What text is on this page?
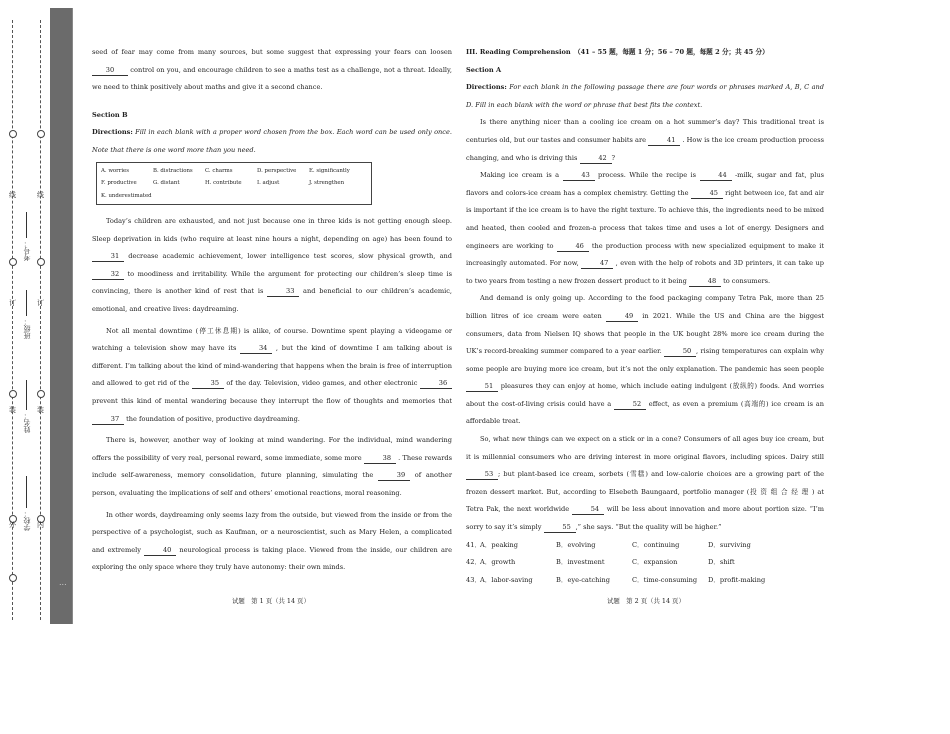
线
订
装
外
线
订
装
内
考号：
班级：
姓名：
学校：
...

seed of fear may come from many sources, but some suggest that expressing your fears can loosen 30 control on you, and encourage children to see a maths test as a challenge, not a threat. Ideally, we need to think positively about maths and give it a second chance.

Section B

Directions: Fill in each blank with a proper word chosen from the box. Each word can be used only once. Note that there is one word more than you need.

A. worries	B. distractions C. charms	D. perspective E. significantly
F. productive	G. distant	H. contribute	I. adjust	J. strengthen
K. underestimated

Today’s children are exhausted, and not just because one in three kids is not getting enough sleep. Sleep deprivation in kids (who require at least nine hours a night, depending on age) has been found to 31 decrease academic achievement, lower intelligence test scores, slow physical growth, and 32 to moodiness and irritability. While the argument for protecting our children’s sleep time is convincing, there is another kind of rest that is	33 and beneficial to our children’s academic, emotional, and creative lives: daydreaming.

Not all mental downtime (停工休息期) is alike, of course. Downtime spent playing a videogame or watching a television show may have its	34 , but the kind of downtime I am talking about is different. I’m talking about the kind of mind-wandering that happens when the brain is free of interruption and allowed to get rid of the	35 of the day. Television, video games, and other electronic	36 prevent this kind of mental wandering because they interrupt the flow of thoughts and memories that 37 the foundation of positive, productive daydreaming.

There is, however, another way of looking at mind wandering. For the individual, mind wandering offers the possibility of very real, personal reward, some immediate, some more	38 . These rewards include self-awareness, memory consolidation, future planning, simulating the	39 of another person, evaluating the implications of self and others’ emotional reactions, moral reasoning.

In other words, daydreaming only seems lazy from the outside, but viewed from the inside or from the perspective of a psychologist, such as Kaufman, or a neuroscientist, such as Mary Helen, a complicated and extremely	40 neurological process is taking place. Viewed from the inside, our children are exploring the only space where they truly have autonomy: their own minds.

III. Reading Comprehension　 （41 – 55 题，每题 1 分；56 – 70 题，每题 2 分；共 45 分）

Section A

Directions: For each blank in the following passage there are four words or phrases marked A, B, C and D. Fill in each blank with the word or phrase that best fits the context.

Is there anything nicer than a cooling ice cream on a hot summer’s day? This traditional treat is centuries old, but our tastes and consumer habits are	41 . How is the ice cream production process changing, and who is driving this	42 ?

Making ice cream is a	43 process. While the recipe is	44 -milk, sugar and fat, plus flavors and colors-ice cream has a complex chemistry. Getting the	45 right between ice, fat and air is important if the ice cream is to have the right texture. To achieve this, the ingredients need to be mixed and heated, then cooled and frozen-a process that takes time and uses a lot of energy. Designers and engineers are working to	46 the production process with new specialized equipment to make it increasingly automated. For now,	47 , even with the help of robots and 3D printers, it can take up to two years from testing a new frozen dessert product to it being	48 to consumers.

And demand is only going up. According to the food packaging company Tetra Pak, more than 25 billion litres of ice cream were eaten	49 in 2021. While the US and China are the biggest consumers, data from Nielsen IQ shows that people in the UK bought 28% more ice cream during the UK’s record-breaking summer compared to a year earlier.	50 , rising temperatures can explain why some people are buying more ice cream, but it’s not the only explanation. The pandemic has seen people 51 pleasures they can enjoy at home, which include eating indulgent (放纵的) foods. And worries about the cost-of-living crisis could have a	52 effect, as even a premium (高端的) ice cream is an affordable treat.

So, what new things can we expect on a stick or in a cone? Consumers of all ages buy ice cream, but it is millennial consumers who are driving interest in more original flavors, including spices. Dairy still 53 ; but plant-based ice cream, sorbets (雪糕) and low-calorie choices are a growing part of the frozen dessert market. But, according to Elsebeth Baungaard, portfolio manager (投 资 组 合 经 理 ) at Tetra Pak, the next worldwide	54 will be less about innovation and more about portion size. “I’m sorry to say it’s simply	55 ,” she says. “But the quality will be higher.”

41． A．peaking	B．evolving	C．continuing	D．surviving
42． A．growth	B．investment	C．expansion	D．shift
43． A．labor-saving	B．eye-catching	C．time-consuming	D．profit-making
试题　第 1 页（共 14 页）	试题　第 2 页（共 14 页）
